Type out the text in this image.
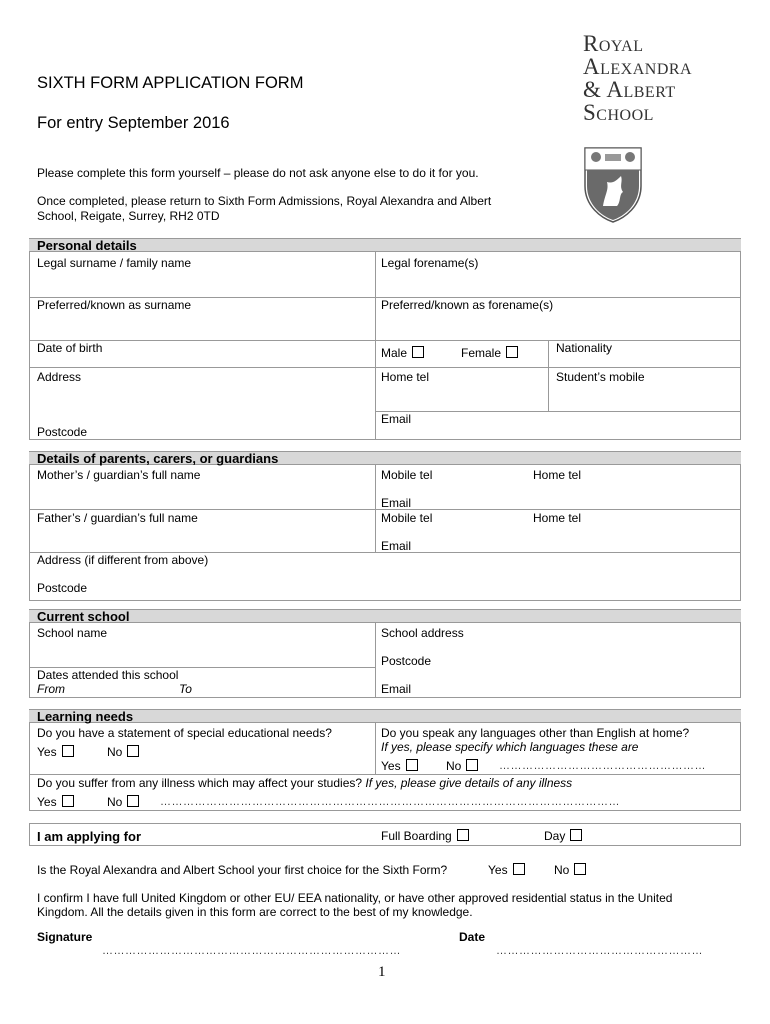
SIXTH FORM APPLICATION FORM
For entry September 2016
Please complete this form yourself – please do not ask anyone else to do it for you.
Once completed, please return to Sixth Form Admissions, Royal Alexandra and Albert
School, Reigate, Surrey, RH2 0TD
Royal
Alexandra
& Albert
School
Personal details
Legal surname / family name	Legal forename(s)
Preferred/known as surname	Preferred/known as forename(s)
Date of birth	Male	Female	Nationality
Address	Home tel	Student’s mobile
Email
Postcode
Details of parents, carers, or guardians
Mother’s / guardian’s full name	Mobile tel	Home tel
Email
Father’s / guardian’s full name	Mobile tel	Home tel
Email
Address (if different from above)
Postcode
Current school
School name	School address
Postcode
Dates attended this school
From	To	Email
Learning needs
Do you have a statement of special educational needs?
Yes	No
Do you speak any languages other than English at home?
If yes, please specify which languages these are
Yes	No	………………………………………………
Do you suffer from any illness which may affect your studies? If yes, please give details of any illness
Yes	No	…………………………………………………………………………………………………………
I am applying for	Full Boarding	Day
Is the Royal Alexandra and Albert School your first choice for the Sixth Form?	Yes	No
I confirm I have full United Kingdom or other EU/ EEA nationality, or have other approved residential status in the United
Kingdom. All the details given in this form are correct to the best of my knowledge.
Signature	Date
……………………………………………………………………	………………………………………………
1
